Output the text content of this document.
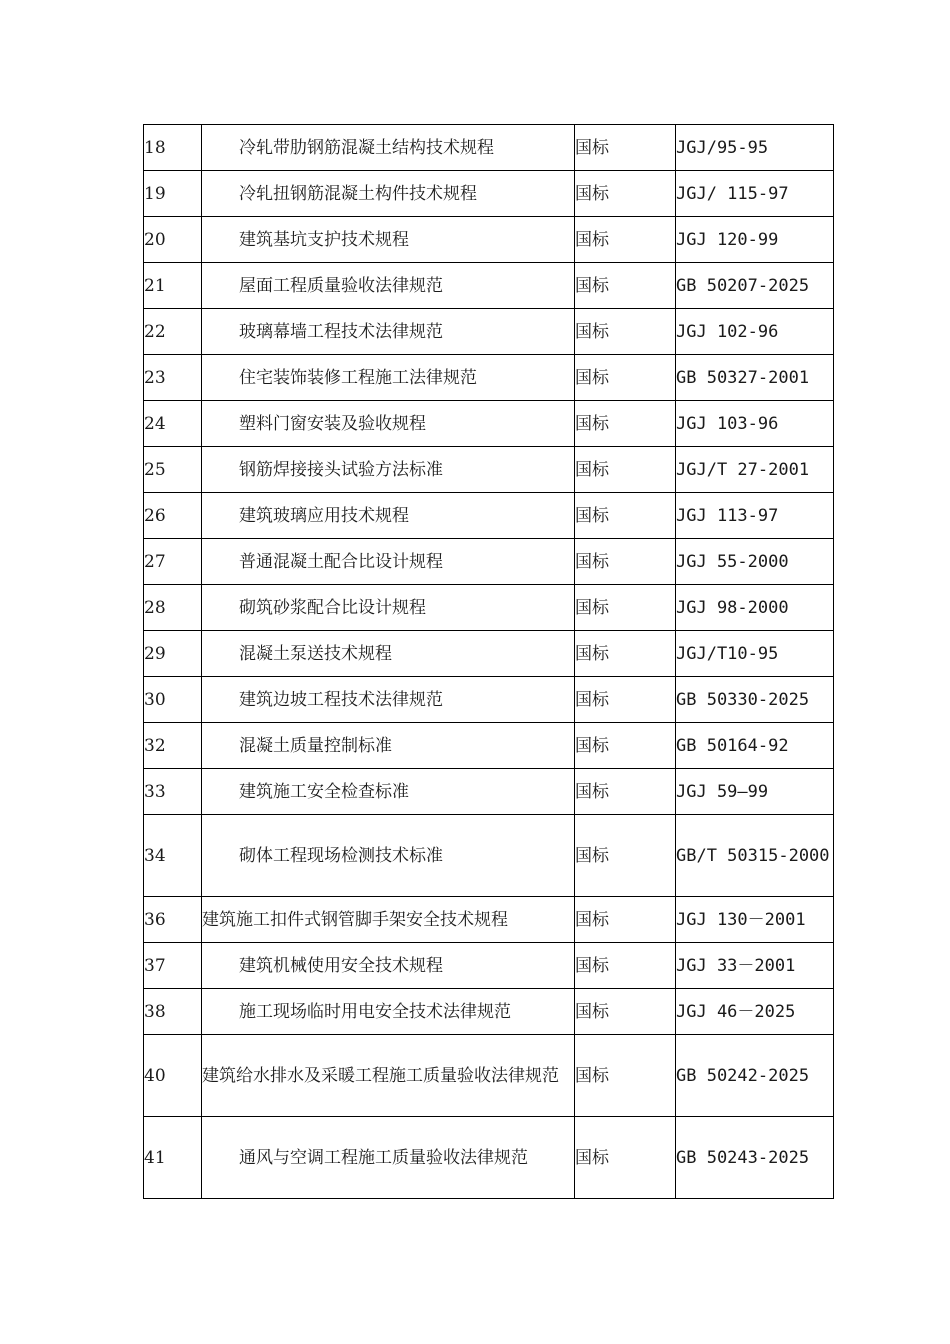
18	冷轧带肋钢筋混凝土结构技术规程	国标	JGJ/95-95
19	冷轧扭钢筋混凝土构件技术规程	国标	JGJ/ 115-97
20	建筑基坑支护技术规程	国标	JGJ 120-99
21	屋面工程质量验收法律规范	国标	GB 50207-2025
22	玻璃幕墙工程技术法律规范	国标	JGJ 102-96
23	住宅装饰装修工程施工法律规范	国标	GB 50327-2001
24	塑料门窗安装及验收规程	国标	JGJ 103-96
25	钢筋焊接接头试验方法标准	国标	JGJ/T 27-2001
26	建筑玻璃应用技术规程	国标	JGJ 113-97
27	普通混凝土配合比设计规程	国标	JGJ 55-2000
28	砌筑砂浆配合比设计规程	国标	JGJ 98-2000
29	混凝土泵送技术规程	国标	JGJ/T10-95
30	建筑边坡工程技术法律规范	国标	GB 50330-2025
32	混凝土质量控制标准	国标	GB 50164-92
33	建筑施工安全检查标准	国标	JGJ 59—99
34	砌体工程现场检测技术标准	国标	GB/T 50315-2000
36	建筑施工扣件式钢管脚手架安全技术规程	国标	JGJ 130－2001
37	建筑机械使用安全技术规程	国标	JGJ 33－2001
38	施工现场临时用电安全技术法律规范	国标	JGJ 46－2025
40	建筑给水排水及采暖工程施工质量验收法律规范	国标	GB 50242-2025
41	通风与空调工程施工质量验收法律规范	国标	GB 50243-2025
